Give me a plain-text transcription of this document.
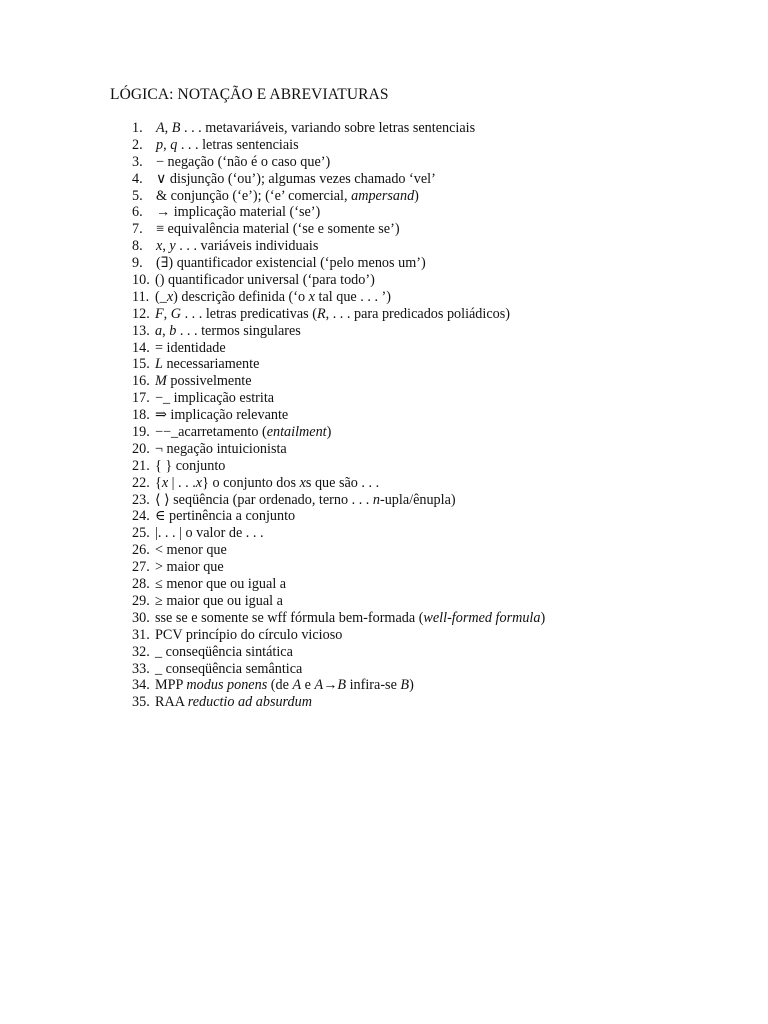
LÓGICA: NOTAÇÃO E ABREVIATURAS
1. A, B . . . metavariáveis, variando sobre letras sentenciais
2. p, q . . . letras sentenciais
3. − negação (‘não é o caso que’)
4. ∨ disjunção (‘ou’); algumas vezes chamado ‘vel’
5. & conjunção (‘e’); (‘e’ comercial, ampersand)
6. → implicação material (‘se’)
7. ≡ equivalência material (‘se e somente se’)
8. x, y . . . variáveis individuais
9. (∃) quantificador existencial (‘pelo menos um’)
10. () quantificador universal (‘para todo’)
11. (_x) descrição definida (‘o x tal que . . . ’)
12. F, G . . . letras predicativas (R, . . . para predicados poliádicos)
13. a, b . . . termos singulares
14. = identidade
15. L necessariamente
16. M possivelmente
17. −_ implicação estrita
18. ⇒ implicação relevante
19. −−_acarretamento (entailment)
20. ¬ negação intuicionista
21. { } conjunto
22. {x | . . .x} o conjunto dos xs que são . . .
23. ⟨ ⟩ seqüência (par ordenado, terno . . . n-upla/ênupla)
24. ∈ pertinência a conjunto
25. |. . . | o valor de . . .
26. < menor que
27. > maior que
28. ≤ menor que ou igual a
29. ≥ maior que ou igual a
30. sse se e somente se wff fórmula bem-formada (well-formed formula)
31. PCV princípio do círculo vicioso
32. _ conseqüência sintática
33. _ conseqüência semântica
34. MPP modus ponens (de A e A→B infira-se B)
35. RAA reductio ad absurdum
